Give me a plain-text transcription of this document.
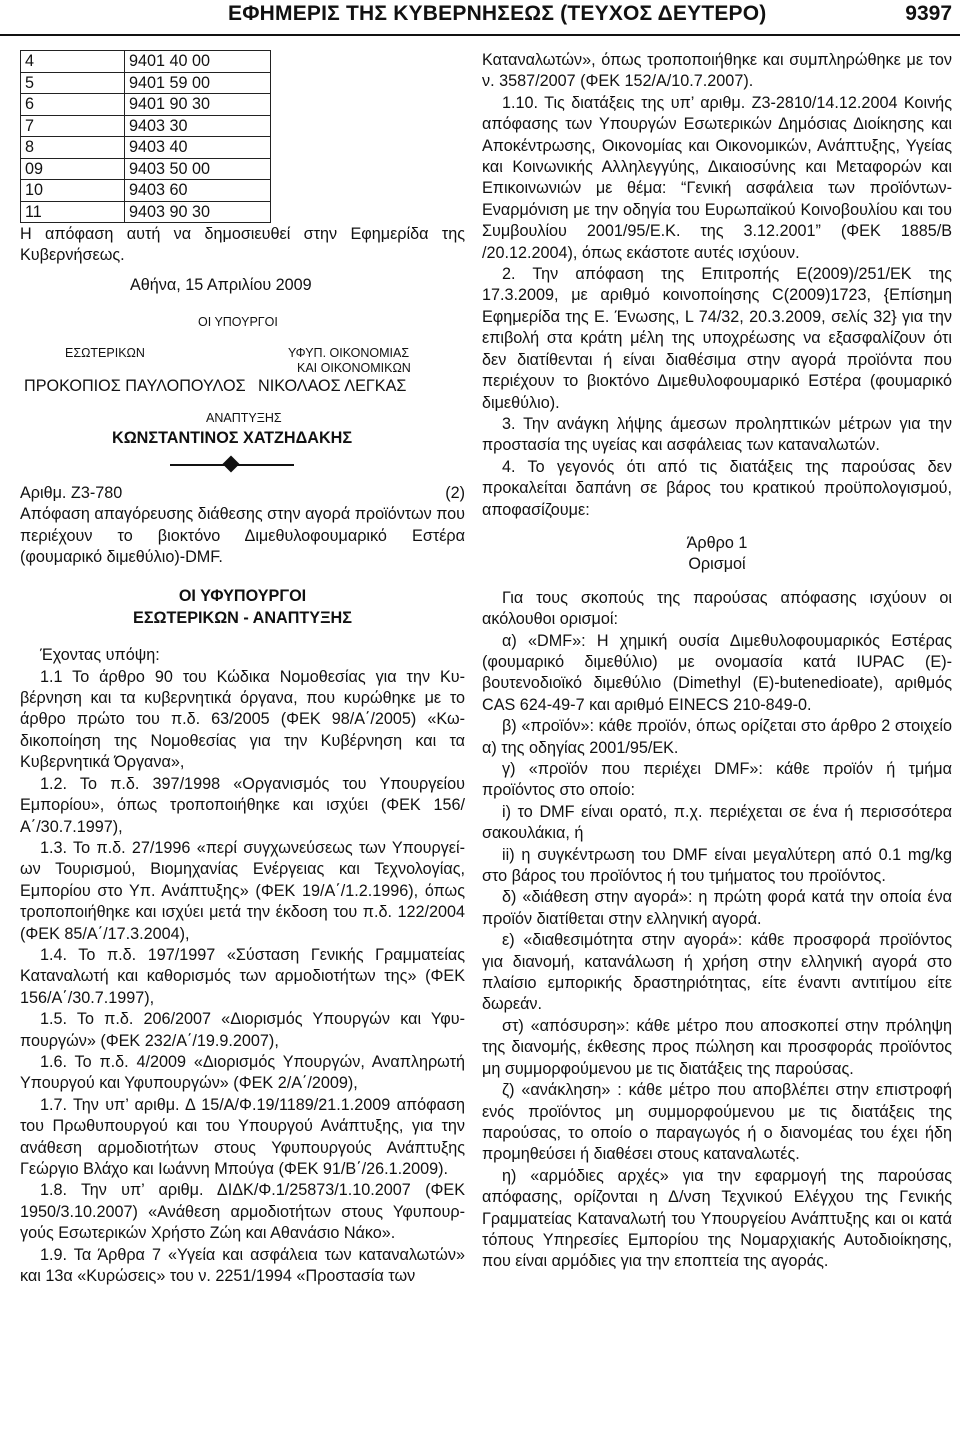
ΕΦΗΜΕΡΙΣ ΤΗΣ ΚΥΒΕΡΝΗΣΕΩΣ (ΤΕΥΧΟΣ ΔΕΥΤΕΡΟ)	9397
4	9401 40 00
5	9401 59 00
6	9401 90 30
7	9403 30
8	9403 40
09	9403 50 00
10	9403 60
11	9403 90 30

Η απόφαση αυτή να δημοσιευθεί στην Εφημερίδα της Κυβερνήσεως.

Αθήνα, 15 Απριλίου 2009
ΟΙ ΥΠΟΥΡΓΟΙ
ΕΣΩΤΕΡΙΚΩΝ	ΥΦΥΠ. ΟΙΚΟΝΟΜΙΑΣ
ΚΑΙ ΟΙΚΟΝΟΜΙΚΩΝ
ΠΡΟΚΟΠΙΟΣ ΠΑΥΛΟΠΟΥΛΟΣ ΝΙΚΟΛΑΟΣ ΛΕΓΚΑΣ
ΑΝΑΠΤΥΞΗΣ
ΚΩΝΣΤΑΝΤΙΝΟΣ ΧΑΤΖΗΔΑΚΗΣ
Αριθμ. Ζ3-780	(2)

Απόφαση απαγόρευσης διάθεσης στην αγορά προϊόντων που περιέχουν το βιοκτόνο Διμεθυλοφουμαρικό Εστέρα (φουμαρικό διμεθύλιο)-DMF.

ΟΙ ΥΦΥΠΟΥΡΓΟΙ
ΕΣΩΤΕΡΙΚΩΝ - ΑΝΑΠΤΥΞΗΣ

Έχοντας υπόψη:

1.1 Το άρθρο 90 του Κώδικα Νομοθεσίας για την Κυβέρνηση και τα κυβερνητικά όργανα, που κυρώθηκε με το άρθρο πρώτο του π.δ. 63/2005 (ΦΕΚ 98/Α΄/2005) «Κωδικοποίηση της Νομοθεσίας για την Κυβέρνηση και τα Κυβερνητικά Όργανα»,

1.2. Το π.δ. 397/1998 «Οργανισμός του Υπουργείου Εμπορίου», όπως τροποποιήθηκε και ισχύει (ΦΕΚ 156/Α΄/30.7.1997),

1.3. Το π.δ. 27/1996 «περί συγχωνεύσεως των Υπουργείων Τουρισμού, Βιομηχανίας Ενέργειας και Τεχνολογίας, Εμπορίου στο Υπ. Ανάπτυξης» (ΦΕΚ 19/Α΄/1.2.1996), όπως τροποποιήθηκε και ισχύει μετά την έκδοση του π.δ. 122/2004 (ΦΕΚ 85/Α΄/17.3.2004),

1.4. Το π.δ. 197/1997 «Σύσταση Γενικής Γραμματείας Καταναλωτή και καθορισμός των αρμοδιοτήτων της» (ΦΕΚ 156/Α΄/30.7.1997),

1.5. Το π.δ. 206/2007 «Διορισμός Υπουργών και Υφυπουργών» (ΦΕΚ 232/Α΄/19.9.2007),

1.6. Το π.δ. 4/2009 «Διορισμός Υπουργών, Αναπληρωτή Υπουργού και Υφυπουργών» (ΦΕΚ 2/Α΄/2009),

1.7. Την υπ’ αριθμ. Δ 15/Α/Φ.19/1189/21.1.2009 απόφαση του Πρωθυπουργού και του Υπουργού Ανάπτυξης, για την ανάθεση αρμοδιοτήτων στους Υφυπουργούς Ανάπτυξης Γεώργιο Βλάχο και Ιωάννη Μπούγα (ΦΕΚ 91/Β΄/26.1.2009).

1.8. Την υπ’ αριθμ. ΔΙΔΚ/Φ.1/25873/1.10.2007 (ΦΕΚ 1950/3.10.2007) «Ανάθεση αρμοδιοτήτων στους Υφυπουργούς Εσωτερικών Χρήστο Ζώη και Αθανάσιο Νάκο».

1.9. Τα Άρθρα 7 «Υγεία και ασφάλεια των καταναλωτών» και 13α «Κυρώσεις» του ν. 2251/1994 «Προστασία των

Καταναλωτών», όπως τροποποιήθηκε και συμπληρώθηκε με τον ν. 3587/2007 (ΦΕΚ 152/Α/10.7.2007).

1.10. Τις διατάξεις της υπ’ αριθμ. Ζ3-2810/14.12.2004 Κοινής απόφασης των Υπουργών Εσωτερικών Δημόσιας Διοίκησης και Αποκέντρωσης, Οικονομίας και Οικονομικών, Ανάπτυξης, Υγείας και Κοινωνικής Αλληλεγγύης, Δικαιοσύνης και Μεταφορών και Επικοινωνιών με θέμα: “Γενική ασφάλεια των προϊόντων-Εναρμόνιση με την οδηγία του Ευρωπαϊκού Κοινοβουλίου και του Συμβουλίου 2001/95/Ε.Κ. της 3.12.2001” (ΦΕΚ 1885/Β /20.12.2004), όπως εκάστοτε αυτές ισχύουν.

2. Την απόφαση της Επιτροπής Ε(2009)/251/ΕΚ της 17.3.2009, με αριθμό κοινοποίησης C(2009)1723, {Επίσημη Εφημερίδα της Ε. Ένωσης, L 74/32, 20.3.2009, σελίς 32} για την επιβολή στα κράτη μέλη της υποχρέωσης να εξασφαλίζουν ότι δεν διατίθενται ή είναι διαθέσιμα στην αγορά προϊόντα που περιέχουν το βιοκτόνο Διμεθυλοφουμαρικό Εστέρα (φουμαρικό διμεθύλιο).

3. Την ανάγκη λήψης άμεσων προληπτικών μέτρων για την προστασία της υγείας και ασφάλειας των καταναλωτών.

4. Το γεγονός ότι από τις διατάξεις της παρούσας δεν προκαλείται δαπάνη σε βάρος του κρατικού προϋπολογισμού, αποφασίζουμε:

Άρθρο 1
Ορισμοί

Για τους σκοπούς της παρούσας απόφασης ισχύουν οι ακόλουθοι ορισμοί:

α) «DMF»: Η χημική ουσία Διμεθυλοφουμαρικός Εστέρας (φουμαρικό διμεθύλιο) με ονομασία κατά IUPAC (E)-βουτενοδιοϊκό διμεθύλιο (Dimethyl (E)-butenedioate), αριθμός CAS 624-49-7 και αριθμό EINECS 210-849-0.

β) «προϊόν»: κάθε προϊόν, όπως ορίζεται στο άρθρο 2 στοιχείο α) της οδηγίας 2001/95/ΕΚ.

γ) «προϊόν που περιέχει DMF»: κάθε προϊόν ή τμήμα προϊόντος στο οποίο:

i) το DMF είναι ορατό, π.χ. περιέχεται σε ένα ή περισσότερα σακουλάκια, ή

ii) η συγκέντρωση του DMF είναι μεγαλύτερη από 0.1 mg/kg στο βάρος του προϊόντος ή του τμήματος του προϊόντος.

δ) «διάθεση στην αγορά»: η πρώτη φορά κατά την οποία ένα προϊόν διατίθεται στην ελληνική αγορά.

ε) «διαθεσιμότητα στην αγορά»: κάθε προσφορά προϊόντος για διανομή, κατανάλωση ή χρήση στην ελληνική αγορά στο πλαίσιο εμπορικής δραστηριότητας, είτε έναντι αντιτίμου είτε δωρεάν.

στ) «απόσυρση»: κάθε μέτρο που αποσκοπεί στην πρόληψη της διανομής, έκθεσης προς πώληση και προσφοράς προϊόντος μη συμμορφούμενου με τις διατάξεις της παρούσας.

ζ) «ανάκληση» : κάθε μέτρο που αποβλέπει στην επιστροφή ενός προϊόντος μη συμμορφούμενου με τις διατάξεις της παρούσας, το οποίο ο παραγωγός ή ο διανομέας του έχει ήδη προμηθεύσει ή διαθέσει στους καταναλωτές.

η) «αρμόδιες αρχές» για την εφαρμογή της παρούσας απόφασης, ορίζονται η Δ/νση Τεχνικού Ελέγχου της Γενικής Γραμματείας Καταναλωτή του Υπουργείου Ανάπτυξης και οι κατά τόπους Υπηρεσίες Εμπορίου της Νομαρχιακής Αυτοδιοίκησης, που είναι αρμόδιες για την εποπτεία της αγοράς.
